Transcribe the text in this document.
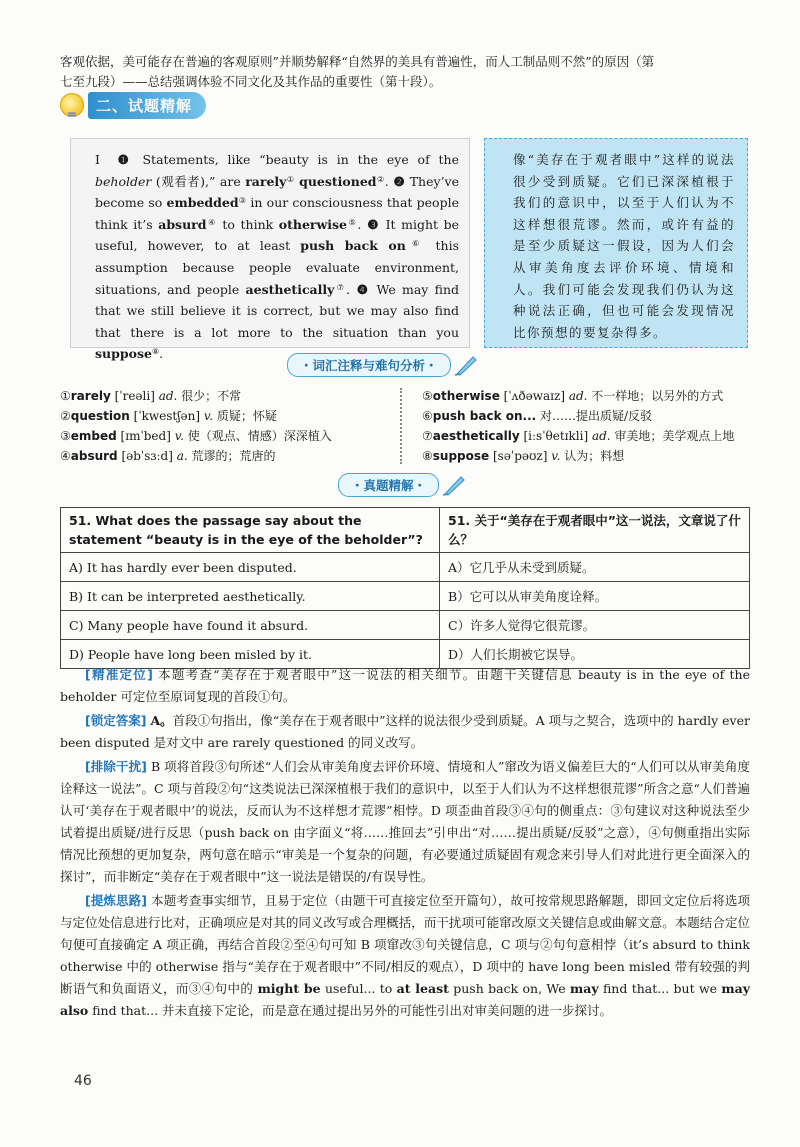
客观依据，美可能存在普遍的客观原则”并顺势解释“自然界的美具有普遍性，而人工制品则不然”的原因（第
七至九段）——总结强调体验不同文化及其作品的重要性（第十段）。
二、试题精解

I ❶ Statements, like “beauty is in the eye of the beholder (观看者),” are rarely① questioned②. ❷ They’ve become so embedded③ in our consciousness that people think it’s absurd④ to think otherwise⑤. ❸ It might be useful, however, to at least push back on⑥ this assumption because people evaluate environment, situations, and people aesthetically⑦. ❹ We may find that we still believe it is correct, but we may also find that there is a lot more to the situation than you suppose⑧.

像“美存在于观者眼中”这样的说法很少受到质疑。它们已深深植根于我们的意识中，以至于人们认为不这样想很荒谬。然而，或许有益的是至少质疑这一假设，因为人们会从审美角度去评价环境、情境和人。我们可能会发现我们仍认为这种说法正确，但也可能会发现情况比你预想的要复杂得多。

・词汇注释与难句分析・
①rarely [ˈreəli] ad. 很少；不常
②question [ˈkwestʃən] v. 质疑；怀疑
③embed [ɪmˈbed] v. 使（观点、情感）深深植入
④absurd [əbˈsɜːd] a. 荒谬的；荒唐的
⑤otherwise [ˈʌðəwaɪz] ad. 不一样地；以另外的方式
⑥push back on... 对……提出质疑/反驳
⑦aesthetically [iːsˈθetɪkli] ad. 审美地；美学观点上地
⑧suppose [səˈpəʊz] v. 认为；料想
・真题精解・
51. What does the passage say about the statement “beauty is in the eye of the beholder”?	51. 关于“美存在于观者眼中”这一说法，文章说了什么？
A) It has hardly ever been disputed.	A）它几乎从未受到质疑。
B) It can be interpreted aesthetically.	B）它可以从审美角度诠释。
C) Many people have found it absurd.	C）许多人觉得它很荒谬。
D) People have long been misled by it.	D）人们长期被它误导。

[精准定位] 本题考查“美存在于观者眼中”这一说法的相关细节。由题干关键信息 beauty is in the eye of the beholder 可定位至原词复现的首段①句。

[锁定答案] A。首段①句指出，像“美存在于观者眼中”这样的说法很少受到质疑。A 项与之契合，选项中的 hardly ever been disputed 是对文中 are rarely questioned 的同义改写。

[排除干扰] B 项将首段③句所述“人们会从审美角度去评价环境、情境和人”窜改为语义偏差巨大的“人们可以从审美角度诠释这一说法”。C 项与首段②句“这类说法已深深植根于我们的意识中，以至于人们认为不这样想很荒谬”所含之意“人们普遍认可‘美存在于观者眼中’的说法，反而认为不这样想才荒谬”相悖。D 项歪曲首段③④句的侧重点：③句建议对这种说法至少试着提出质疑/进行反思（push back on 由字面义“将……推回去”引申出“对……提出质疑/反驳”之意），④句侧重指出实际情况比预想的更加复杂，两句意在暗示“审美是一个复杂的问题，有必要通过质疑固有观念来引导人们对此进行更全面深入的探讨”，而非断定“美存在于观者眼中”这一说法是错误的/有误导性。

[提炼思路] 本题考查事实细节，且易于定位（由题干可直接定位至开篇句），故可按常规思路解题，即回文定位后将选项与定位处信息进行比对，正确项应是对其的同义改写或合理概括，而干扰项可能窜改原文关键信息或曲解文意。本题结合定位句便可直接确定 A 项正确，再结合首段②至④句可知 B 项窜改③句关键信息，C 项与②句句意相悖（it’s absurd to think otherwise 中的 otherwise 指与“美存在于观者眼中”不同/相反的观点），D 项中的 have long been misled 带有较强的判断语气和负面语义，而③④句中的 might be useful... to at least push back on, We may find that... but we may also find that... 并未直接下定论，而是意在通过提出另外的可能性引出对审美问题的进一步探讨。

46
